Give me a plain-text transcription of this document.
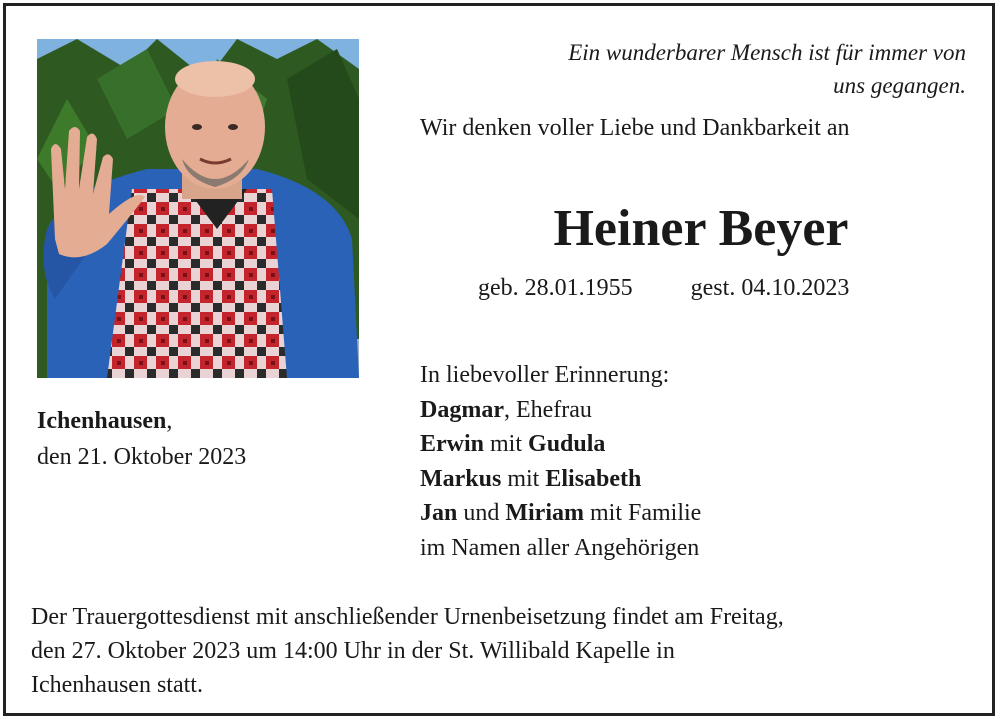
Ein wunderbarer Mensch ist für immer von
uns gegangen.
Wir denken voller Liebe und Dankbarkeit an
Heiner Beyer
geb. 28.01.1955 gest. 04.10.2023
Ichenhausen,
den 21. Oktober 2023
In liebevoller Erinnerung:
Dagmar, Ehefrau
Erwin mit Gudula
Markus mit Elisabeth
Jan und Miriam mit Familie
im Namen aller Angehörigen
Der Trauergottesdienst mit anschließender Urnenbeisetzung findet am Freitag,
den 27. Oktober 2023 um 14:00 Uhr in der St. Willibald Kapelle in
Ichenhausen statt.
